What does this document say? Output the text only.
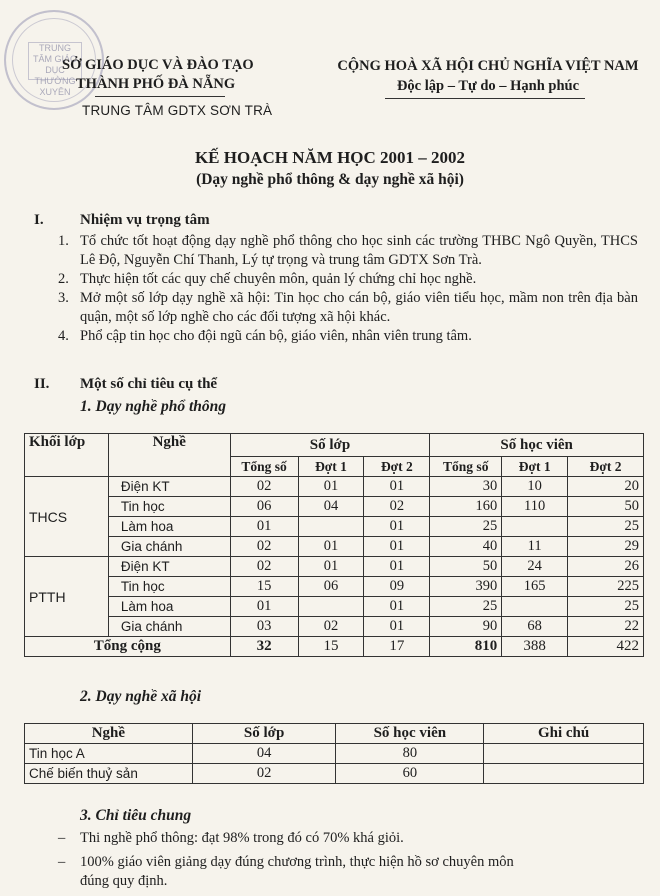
TRUNG TÂM GIÁO DỤC THƯỜNG XUYÊN
SỞ GIÁO DỤC VÀ ĐÀO TẠO
THÀNH PHỐ ĐÀ NẴNG
TRUNG TÂM GDTX SƠN TRÀ
CỘNG HOÀ XÃ HỘI CHỦ NGHĨA VIỆT NAM
Độc lập – Tự do – Hạnh phúc
KẾ HOẠCH NĂM HỌC 2001 – 2002
(Dạy nghề phổ thông & dạy nghề xã hội)
I. Nhiệm vụ trọng tâm
1. Tổ chức tốt hoạt động dạy nghề phổ thông cho học sinh các trường THBC Ngô Quyền, THCS Lê Độ, Nguyễn Chí Thanh, Lý tự trọng và trung tâm GDTX Sơn Trà.
2. Thực hiện tốt các quy chế chuyên môn, quản lý chứng chỉ học nghề.
3. Mở một số lớp dạy nghề xã hội: Tin học cho cán bộ, giáo viên tiểu học, mầm non trên địa bàn quận, một số lớp nghề cho các đối tượng xã hội khác.
4. Phổ cập tin học cho đội ngũ cán bộ, giáo viên, nhân viên trung tâm.
II. Một số chỉ tiêu cụ thể
1. Dạy nghề phổ thông
Khối lớp	Nghề	Số lớp			Số học viên		
		Tổng số	Đợt 1	Đợt 2	Tổng số	Đợt 1	Đợt 2
THCS	Điện KT	02	01	01	30	10	20
	Tin học	06	04	02	160	110	50
	Làm hoa	01		01	25		25
	Gia chánh	02	01	01	40	11	29
PTTH	Điện KT	02	01	01	50	24	26
	Tin học	15	06	09	390	165	225
	Làm hoa	01		01	25		25
	Gia chánh	03	02	01	90	68	22
Tổng cộng		32	15	17	810	388	422
2. Dạy nghề xã hội
Nghề	Số lớp	Số học viên	Ghi chú
Tin học A	04	80	
Chế biến thuỷ sản	02	60	
3. Chỉ tiêu chung
– Thi nghề phổ thông: đạt 98% trong đó có 70% khá giỏi.
– 100% giáo viên giảng dạy đúng chương trình, thực hiện hồ sơ chuyên môn
đúng quy định.
